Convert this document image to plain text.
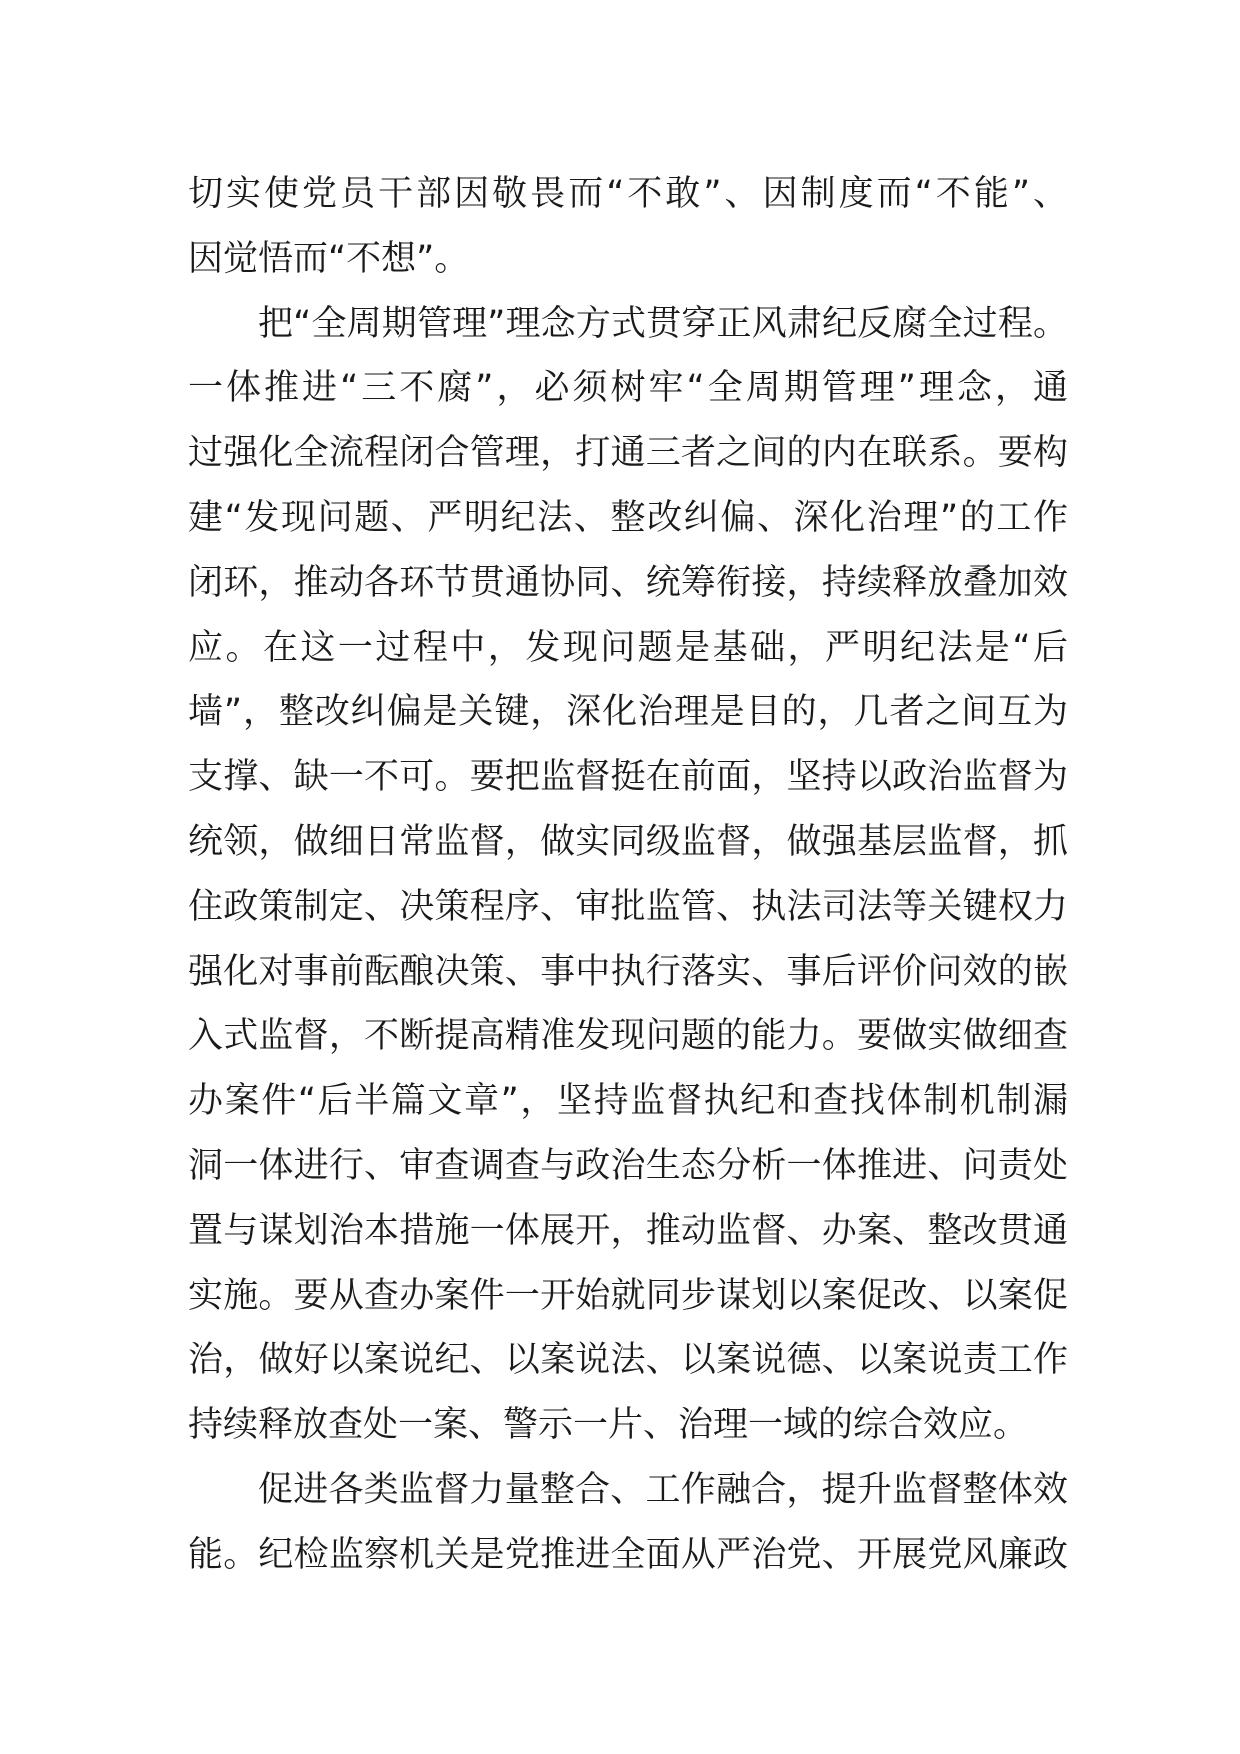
切实使党员干部因敬畏而“不敢”、因制度而“不能”、
因觉悟而“不想”。
把“全周期管理”理念方式贯穿正风肃纪反腐全过程。
一体推进“三不腐”，必须树牢“全周期管理”理念，通
过强化全流程闭合管理，打通三者之间的内在联系。要构
建“发现问题、严明纪法、整改纠偏、深化治理”的工作
闭环，推动各环节贯通协同、统筹衔接，持续释放叠加效
应。在这一过程中，发现问题是基础，严明纪法是“后
墙”，整改纠偏是关键，深化治理是目的，几者之间互为
支撑、缺一不可。要把监督挺在前面，坚持以政治监督为
统领，做细日常监督，做实同级监督，做强基层监督，抓
住政策制定、决策程序、审批监管、执法司法等关键权力
强化对事前酝酿决策、事中执行落实、事后评价问效的嵌
入式监督，不断提高精准发现问题的能力。要做实做细查
办案件“后半篇文章”，坚持监督执纪和查找体制机制漏
洞一体进行、审查调查与政治生态分析一体推进、问责处
置与谋划治本措施一体展开，推动监督、办案、整改贯通
实施。要从查办案件一开始就同步谋划以案促改、以案促
治，做好以案说纪、以案说法、以案说德、以案说责工作
持续释放查处一案、警示一片、治理一域的综合效应。
促进各类监督力量整合、工作融合，提升监督整体效
能。纪检监察机关是党推进全面从严治党、开展党风廉政
